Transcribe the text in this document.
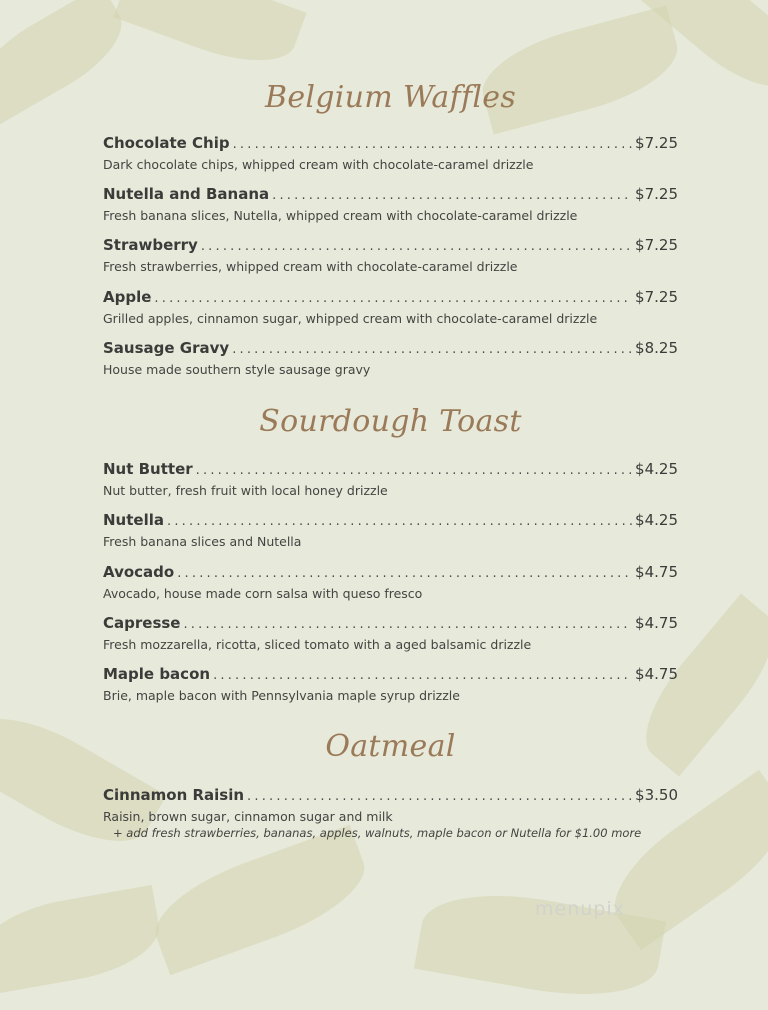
Belgium Waffles
Chocolate Chip .....	$7.25
Dark chocolate chips, whipped cream with chocolate-caramel drizzle
Nutella and Banana .....	$7.25
Fresh banana slices, Nutella, whipped cream with chocolate-caramel drizzle
Strawberry .....	$7.25
Fresh strawberries, whipped cream with chocolate-caramel drizzle
Apple .....	$7.25
Grilled apples, cinnamon sugar, whipped cream with chocolate-caramel drizzle
Sausage Gravy .....	$8.25
House made southern style sausage gravy
Sourdough Toast
Nut Butter .....	$4.25
Nut butter, fresh fruit with local honey drizzle
Nutella .....	$4.25
Fresh banana slices and Nutella
Avocado .....	$4.75
Avocado, house made corn salsa with queso fresco
Capresse .....	$4.75
Fresh mozzarella, ricotta, sliced tomato with a aged balsamic drizzle
Maple bacon .....	$4.75
Brie, maple bacon with Pennsylvania maple syrup drizzle
Oatmeal
Cinnamon Raisin .....	$3.50
Raisin, brown sugar, cinnamon sugar and milk
+ add fresh strawberries, bananas, apples, walnuts, maple bacon or Nutella for $1.00 more
menupix
